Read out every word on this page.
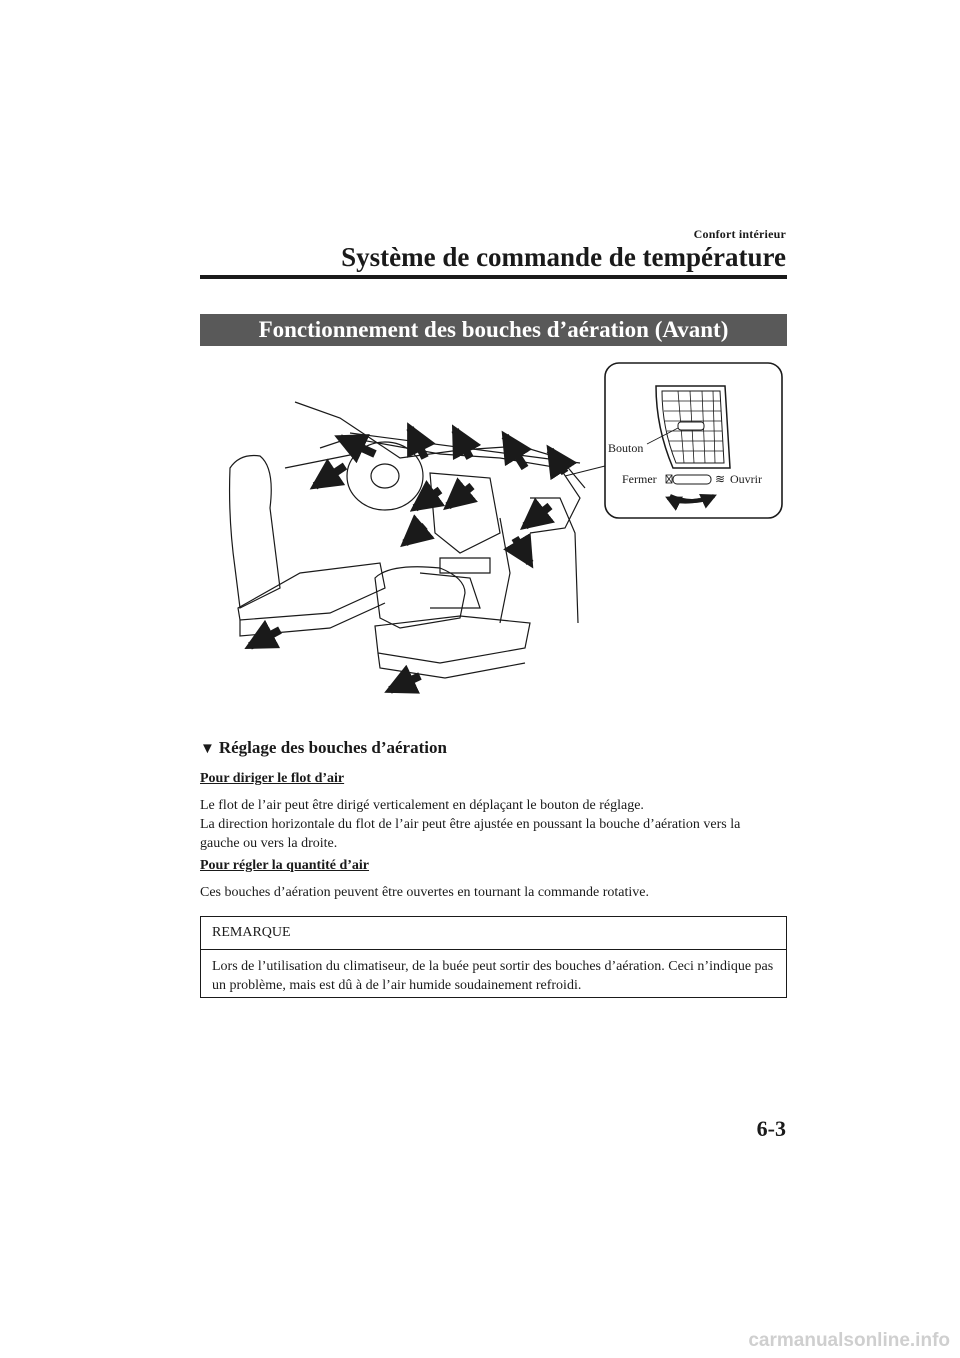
Confort intérieur
Système de commande de température
Fonctionnement des bouches d’aération (Avant)
≋
Bouton
Fermer	Ouvrir
▼ Réglage des bouches d’aération
Pour diriger le flot d’air
Le flot de l’air peut être dirigé verticalement en déplaçant le bouton de réglage.
La direction horizontale du flot de l’air peut être ajustée en poussant la bouche d’aération vers la gauche ou vers la droite.
Pour régler la quantité d’air
Ces bouches d’aération peuvent être ouvertes en tournant la commande rotative.
REMARQUE
Lors de l’utilisation du climatiseur, de la buée peut sortir des bouches d’aération. Ceci n’indique pas un problème, mais est dû à de l’air humide soudainement refroidi.
6-3
carmanualsonline.info
